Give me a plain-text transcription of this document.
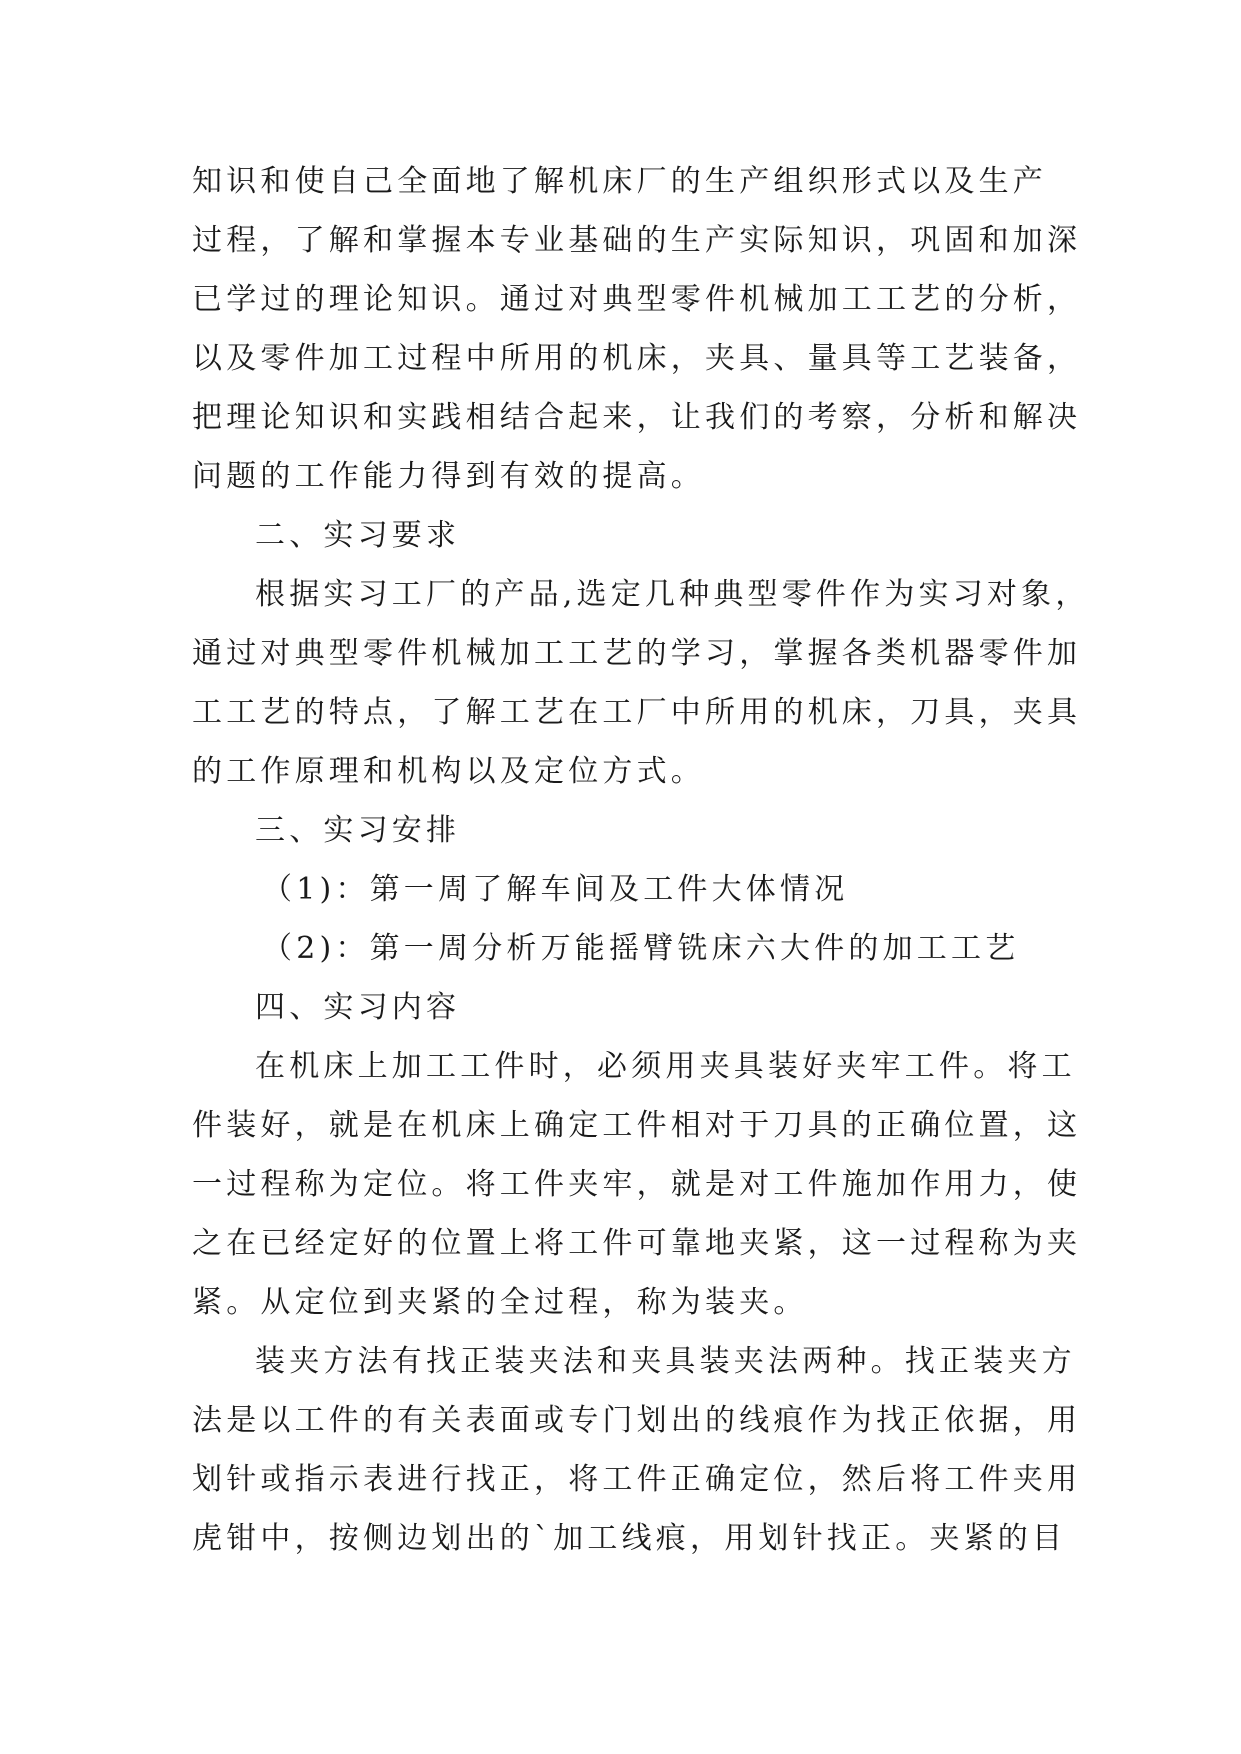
知识和使自己全面地了解机床厂的生产组织形式以及生产

过程，了解和掌握本专业基础的生产实际知识，巩固和加深

已学过的理论知识。通过对典型零件机械加工工艺的分析，

以及零件加工过程中所用的机床，夹具、量具等工艺装备，

把理论知识和实践相结合起来，让我们的考察，分析和解决

问题的工作能力得到有效的提高。

二、实习要求

根据实习工厂的产品,选定几种典型零件作为实习对象，

通过对典型零件机械加工工艺的学习，掌握各类机器零件加

工工艺的特点，了解工艺在工厂中所用的机床，刀具，夹具

的工作原理和机构以及定位方式。

三、实习安排

（1)：第一周了解车间及工件大体情况

（2)：第一周分析万能摇臂铣床六大件的加工工艺

四、实习内容

在机床上加工工件时，必须用夹具装好夹牢工件。将工

件装好，就是在机床上确定工件相对于刀具的正确位置，这

一过程称为定位。将工件夹牢，就是对工件施加作用力，使

之在已经定好的位置上将工件可靠地夹紧，这一过程称为夹

紧。从定位到夹紧的全过程，称为装夹。

装夹方法有找正装夹法和夹具装夹法两种。找正装夹方

法是以工件的有关表面或专门划出的线痕作为找正依据，用

划针或指示表进行找正，将工件正确定位，然后将工件夹用

虎钳中，按侧边划出的`加工线痕，用划针找正。夹紧的目
